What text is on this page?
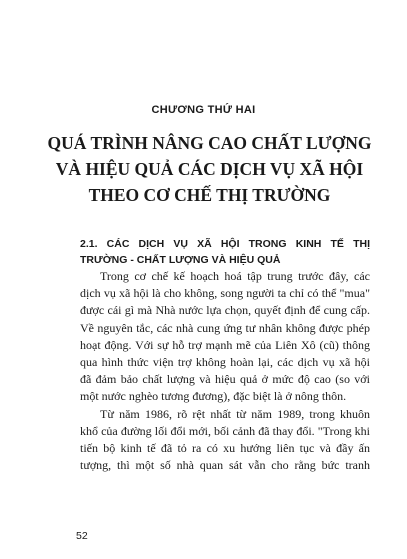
CHƯƠNG THỨ HAI
QUÁ TRÌNH NÂNG CAO CHẤT LƯỢNG
VÀ HIỆU QUẢ CÁC DỊCH VỤ XÃ HỘI
THEO CƠ CHẾ THỊ TRƯỜNG
2.1. CÁC DỊCH VỤ XÃ HỘI TRONG KINH TẾ THỊ
TRƯỜNG - CHẤT LƯỢNG VÀ HIỆU QUẢ
Trong cơ chế kế hoạch hoá tập trung trước đây, các
dịch vụ xã hội là cho không, song người ta chỉ có thể "mua"
được cái gì mà Nhà nước lựa chọn, quyết định để cung cấp.
Về nguyên tắc, các nhà cung ứng tư nhân không được phép
hoạt động. Với sự hỗ trợ mạnh mẽ của Liên Xô (cũ) thông
qua hình thức viện trợ không hoàn lại, các dịch vụ xã hội
đã đảm bảo chất lượng và hiệu quả ở mức độ cao (so với
một nước nghèo tương đương), đặc biệt là ở nông thôn.
Từ năm 1986, rõ rệt nhất từ năm 1989, trong khuôn
khổ của đường lối đổi mới, bối cảnh đã thay đổi. "Trong khi
tiến bộ kinh tế đã tỏ ra có xu hướng liên tục và đầy ấn
tượng, thì một số nhà quan sát vẫn cho rằng bức tranh
52
